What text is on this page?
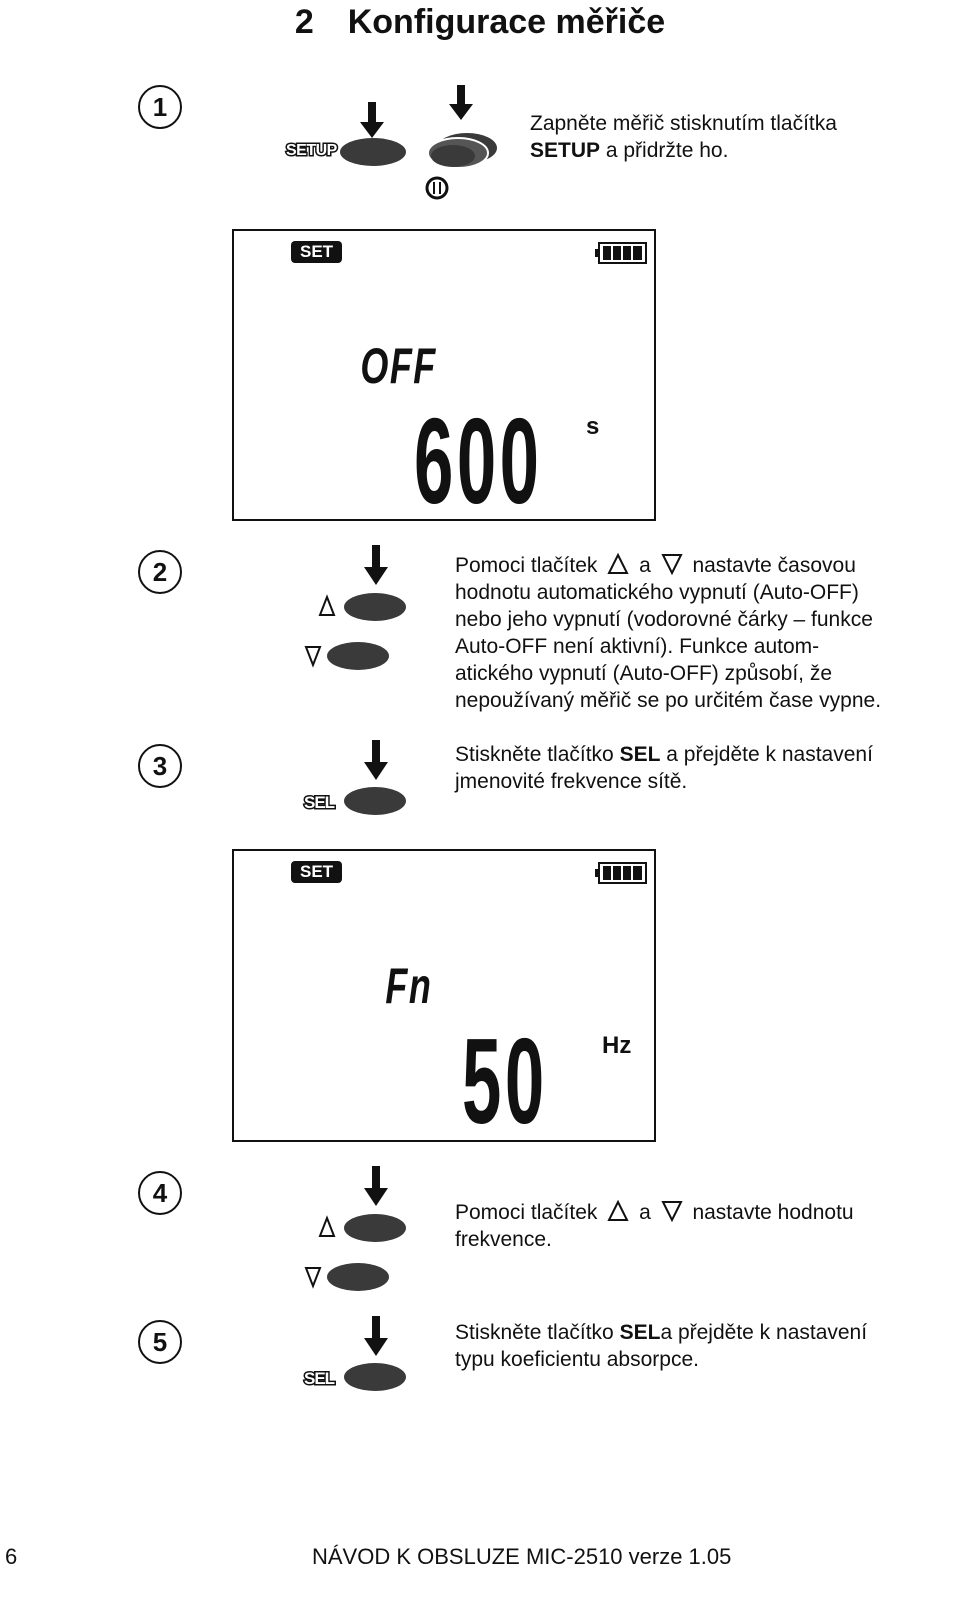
2 Konfigurace měřiče
1
SETUP
Zapněte měřič stisknutím tlačítka
SETUP a přidržte ho.
SET
OFF
600 s
2	Pomoci tlačítek a nastavte časovou
hodnotu automatického vypnutí (Auto-OFF)
nebo jeho vypnutí (vodorovné čárky – funkce
Auto-OFF není aktivní). Funkce autom-
atického vypnutí (Auto-OFF) způsobí, že
nepoužívaný měřič se po určitém čase vypne.
3
SEL
Stiskněte tlačítko SEL a přejděte k nastavení
jmenovité frekvence sítě.
SET
Fn
50 Hz
4
Pomoci tlačítek a nastavte hodnotu
frekvence.
5
SEL
Stiskněte tlačítko SELa přejděte k nastavení
typu koeficientu absorpce.
6	NÁVOD K OBSLUZE MIC-2510 verze 1.05
